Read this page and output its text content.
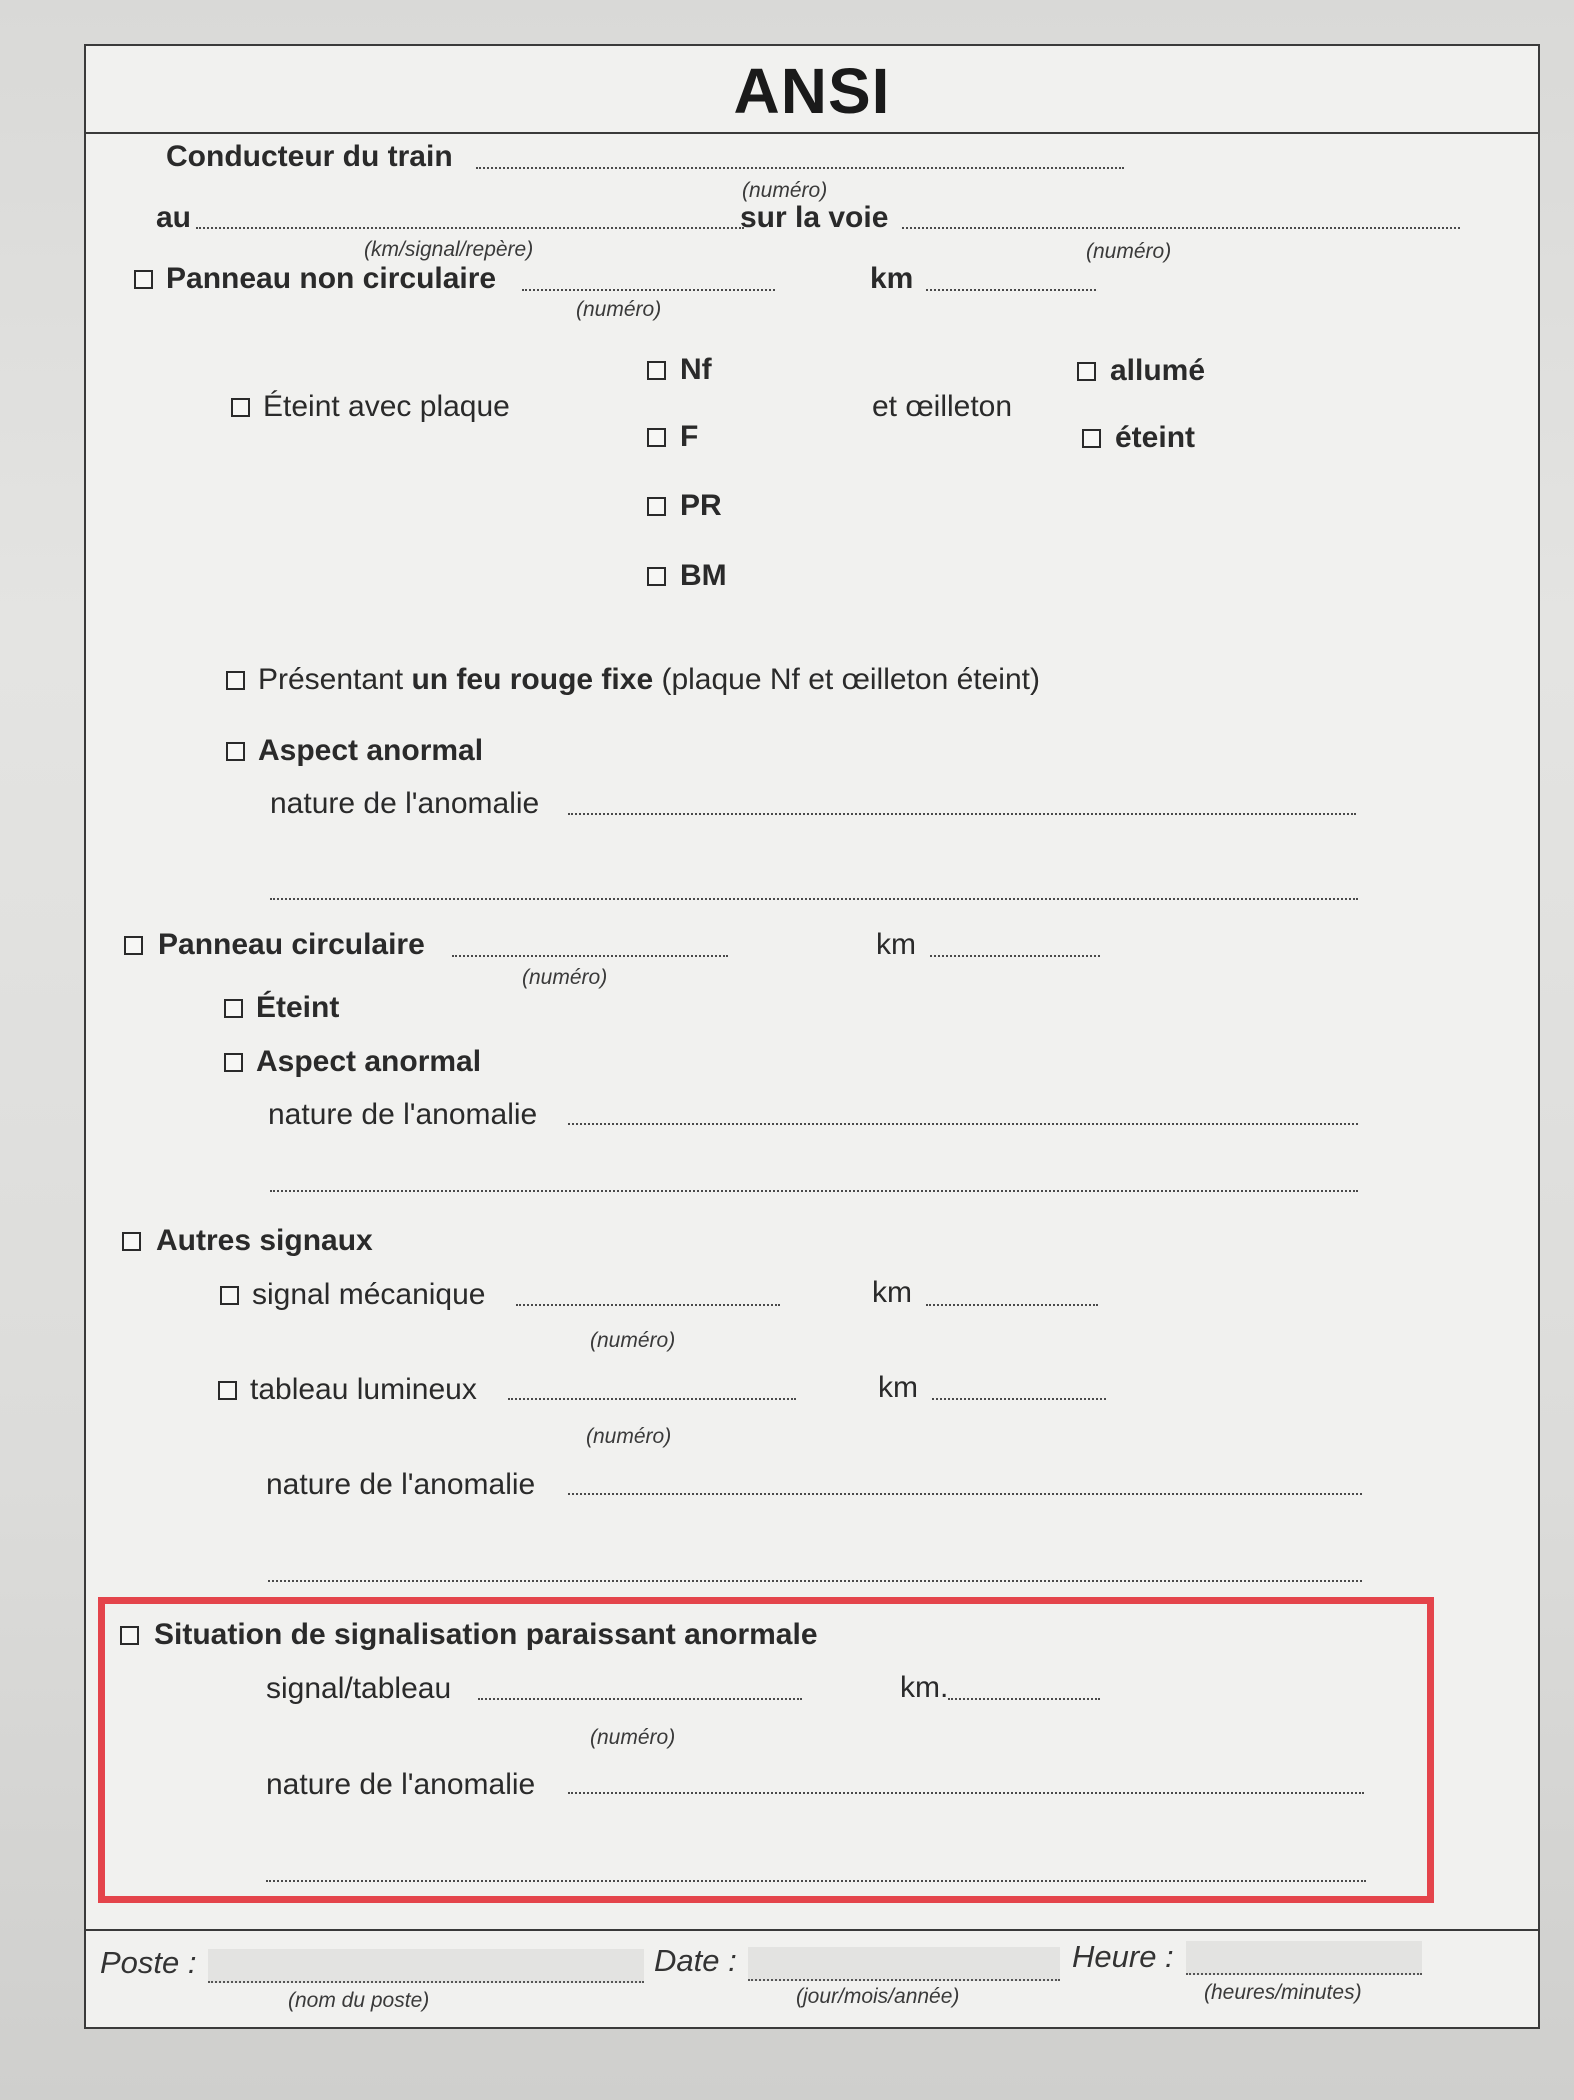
ANSI
Conducteur du train
(numéro)
au	sur la voie
(km/signal/repère)	(numéro)
Panneau non circulaire	km
(numéro)
Éteint avec plaque
Nf
F
PR
BM
et œilleton
allumé
éteint
Présentant un feu rouge fixe (plaque Nf et œilleton éteint)
Aspect anormal
nature de l'anomalie
Panneau circulaire	km
(numéro)
Éteint
Aspect anormal
nature de l'anomalie
Autres signaux
signal mécanique	km
(numéro)
tableau lumineux	km
(numéro)
nature de l'anomalie
Situation de signalisation paraissant anormale
signal/tableau	km.
(numéro)
nature de l'anomalie
Poste :
(nom du poste)
Date :
(jour/mois/année)
Heure :
(heures/minutes)
